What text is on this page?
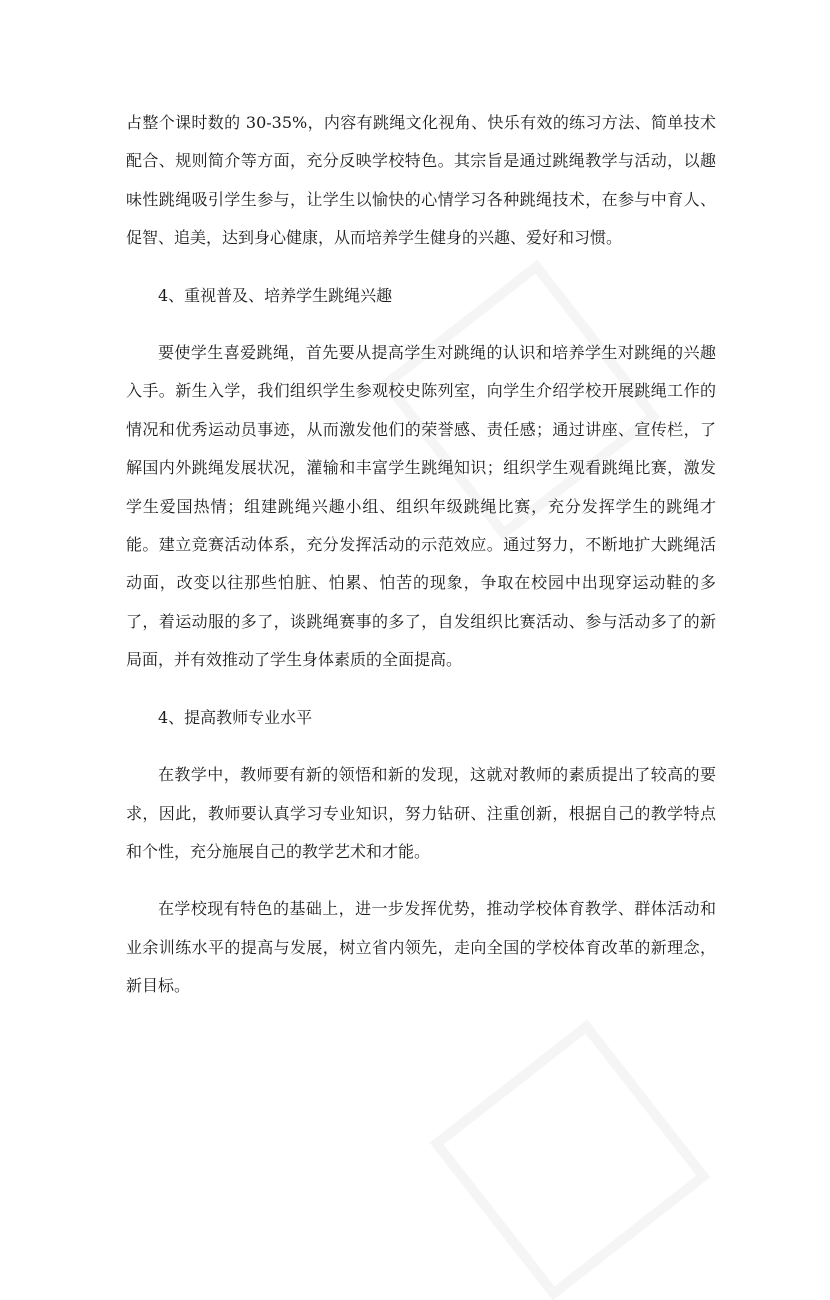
占整个课时数的 30-35%，内容有跳绳文化视角、快乐有效的练习方法、简单技术配合、规则简介等方面，充分反映学校特色。其宗旨是通过跳绳教学与活动，以趣味性跳绳吸引学生参与，让学生以愉快的心情学习各种跳绳技术，在参与中育人、促智、追美，达到身心健康，从而培养学生健身的兴趣、爱好和习惯。

4、重视普及、培养学生跳绳兴趣

要使学生喜爱跳绳，首先要从提高学生对跳绳的认识和培养学生对跳绳的兴趣入手。新生入学，我们组织学生参观校史陈列室，向学生介绍学校开展跳绳工作的情况和优秀运动员事迹，从而激发他们的荣誉感、责任感；通过讲座、宣传栏，了解国内外跳绳发展状况，灌输和丰富学生跳绳知识；组织学生观看跳绳比赛，激发学生爱国热情；组建跳绳兴趣小组、组织年级跳绳比赛，充分发挥学生的跳绳才能。建立竞赛活动体系，充分发挥活动的示范效应。通过努力，不断地扩大跳绳活动面，改变以往那些怕脏、怕累、怕苦的现象，争取在校园中出现穿运动鞋的多了，着运动服的多了，谈跳绳赛事的多了，自发组织比赛活动、参与活动多了的新局面，并有效推动了学生身体素质的全面提高。

4、提高教师专业水平

在教学中，教师要有新的领悟和新的发现，这就对教师的素质提出了较高的要求，因此，教师要认真学习专业知识，努力钻研、注重创新，根据自己的教学特点和个性，充分施展自己的教学艺术和才能。

在学校现有特色的基础上，进一步发挥优势，推动学校体育教学、群体活动和业余训练水平的提高与发展，树立省内领先，走向全国的学校体育改革的新理念，新目标。
